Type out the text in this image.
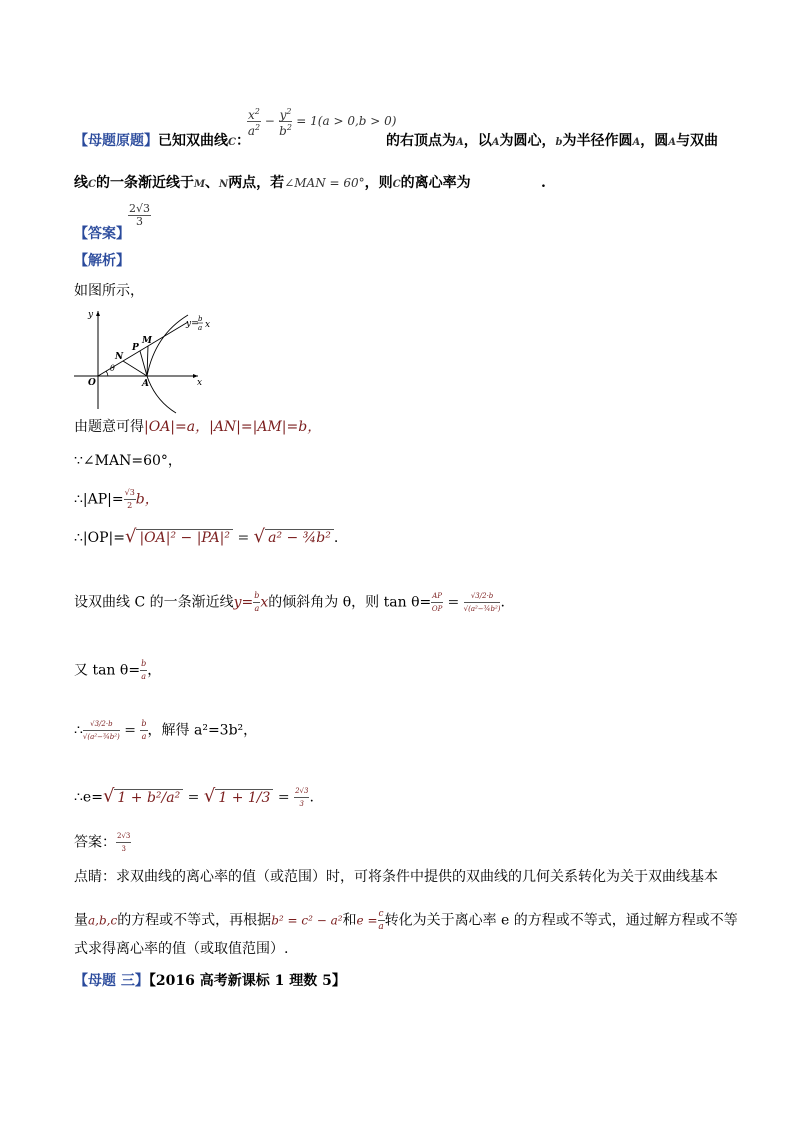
【母题原题】已知双曲线C：
$\frac{x^2}{a^2} - \frac{y^2}{b^2} = 1(a > 0,b > 0)$
的右顶点为A，以A为圆心，b为半径作圆A，圆A与双曲
线C的一条渐近线于M、N两点，若∠MAN = 60°，则C的离心率为	.
$\frac{2√3}{3}$
【答案】
【解析】
如图所示，
y
x
O	A
N
P
M
θ
y= b
a x
由题意可得|OA|=a，|AN|=|AM|=b，
∵∠MAN=60°，
∴|AP|= $\frac{√3}{2}$ b，
∴|OP|=√ |OA|² − |PA|² = √ a² − ¾b² .
设双曲线 C 的一条渐近线$y= \frac{b}{a}$ x的倾斜角为 θ，则 $\tan \theta= \frac{AP}{OP} = \frac{√3/2\cdot b}{\text{√(a²−¾b²)}}$ .
又 $\tan \theta= \frac{b}{a}$ ，
∴ $\frac{√3/2\cdot b}{\text{√(a²−¾b²)}} = \frac{b}{a}$ ，解得 a²=3b²，
∴e=√ 1 + b²/a² = √ $1 + 1/3 = \frac{2√3}{3}$ .
答案： $\frac{2√3}{3}$
点睛：求双曲线的离心率的值（或范围）时，可将条件中提供的双曲线的几何关系转化为关于双曲线基本
量a,b,c的方程或不等式，再根据b² = c² − a²和$e = \frac{c}{a}$ 转化为关于离心率 e 的方程或不等式，通过解方程或不等
式求得离心率的值（或取值范围）.
【母题 三】【2016 高考新课标 1 理数 5】
